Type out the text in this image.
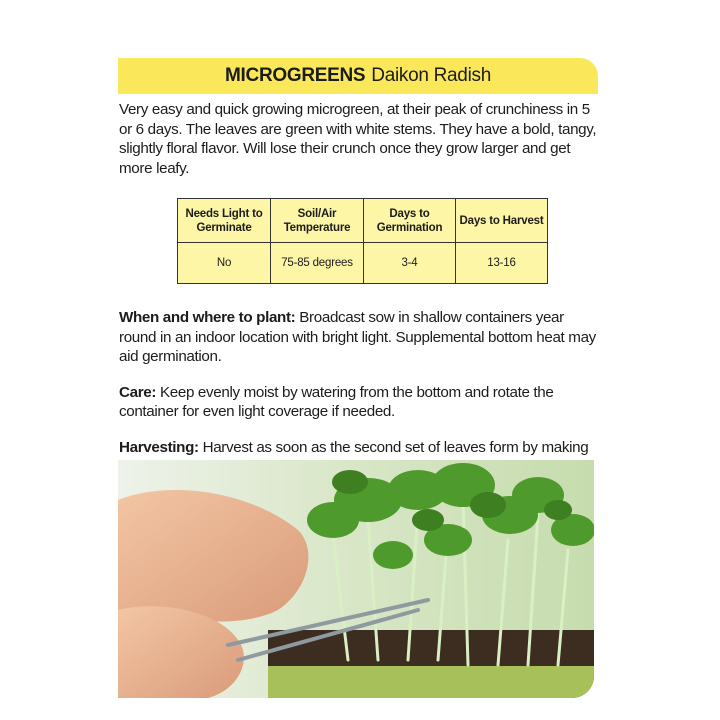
MICROGREENS Daikon Radish

Very easy and quick growing microgreen, at their peak of crunchiness in 5 or 6 days. The leaves are green with white stems. They have a bold, tangy, slightly floral flavor. Will lose their crunch once they grow larger and get more leafy.

Needs Light to Germinate	Soil/Air Temperature	Days to Germination	Days to Harvest
No	75-85 degrees	3-4	13-16

When and where to plant: Broadcast sow in shallow containers year round in an indoor location with bright light. Supplemental bottom heat may aid germination.

Care: Keep evenly moist by watering from the bottom and rotate the container for even light coverage if needed.

Harvesting: Harvest as soon as the second set of leaves form by making
